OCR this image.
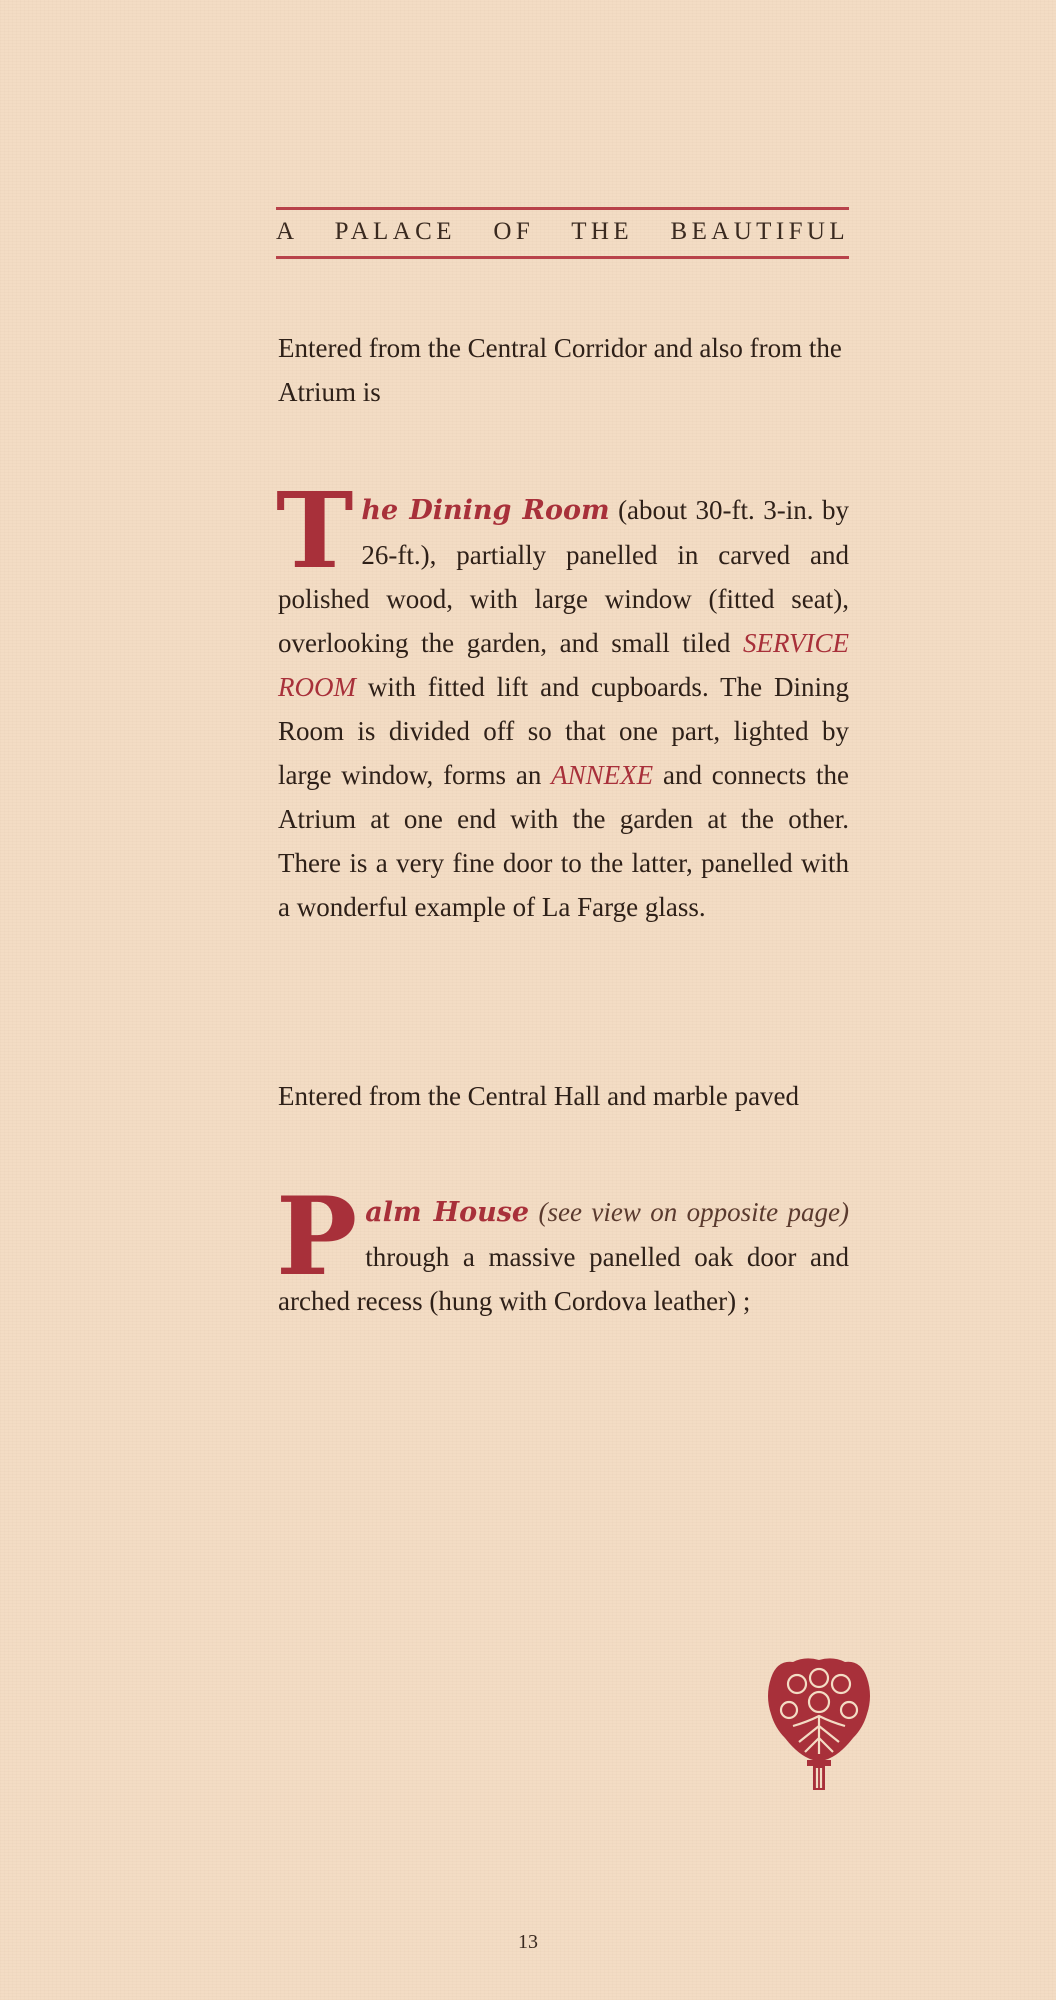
A PALACE OF THE BEAUTIFUL
Entered from the Central Corridor and also from the Atrium is
The Dining Room (about 30-ft. 3-in. by 26-ft.), partially panelled in carved and polished wood, with large window (fitted seat), overlooking the garden, and small tiled SERVICE ROOM with fitted lift and cupboards. The Dining Room is divided off so that one part, lighted by large window, forms an ANNEXE and connects the Atrium at one end with the garden at the other. There is a very fine door to the latter, panelled with a wonderful example of La Farge glass.
Entered from the Central Hall and marble paved
Palm House (see view on opposite page) through a massive panelled oak door and arched recess (hung with Cordova leather) ;
13
